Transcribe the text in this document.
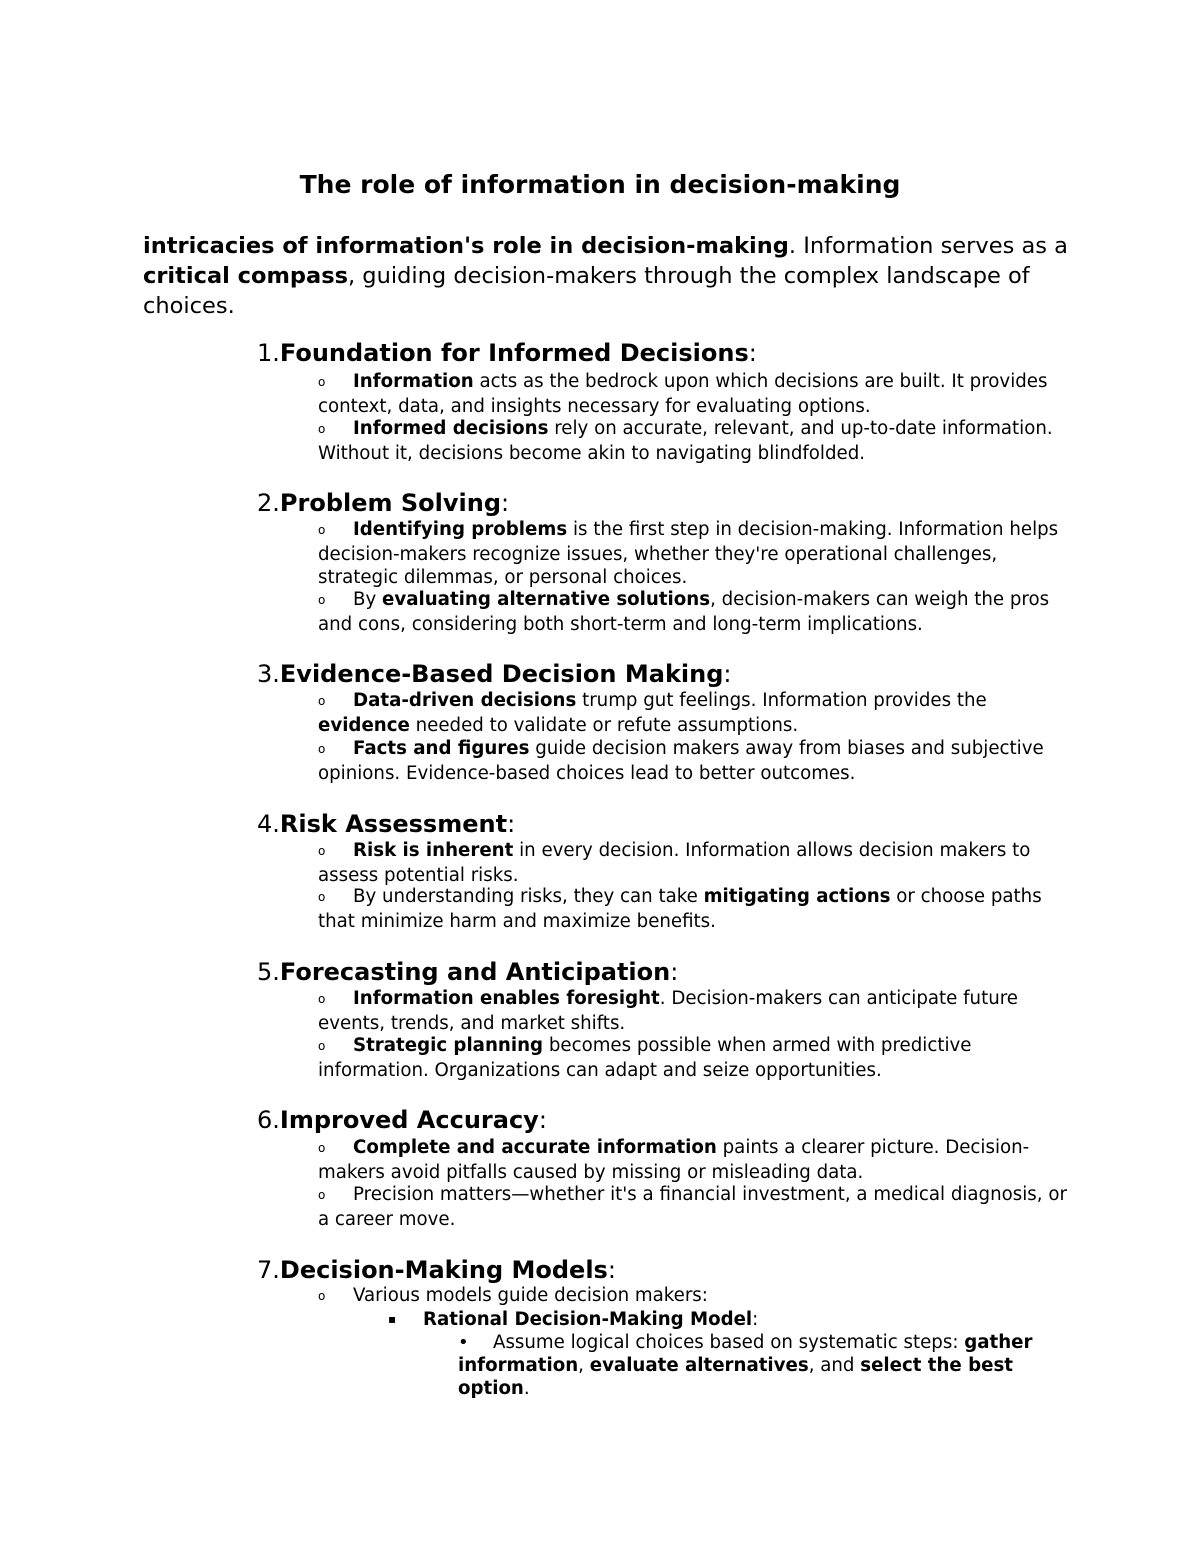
The role of information in decision-making
intricacies of information's role in decision-making. Information serves as a critical compass, guiding decision-makers through the complex landscape of choices.
1.Foundation for Informed Decisions:
o Information acts as the bedrock upon which decisions are built. It provides context, data, and insights necessary for evaluating options.
o Informed decisions rely on accurate, relevant, and up-to-date information. Without it, decisions become akin to navigating blindfolded.
2.Problem Solving:
o Identifying problems is the first step in decision-making. Information helps decision-makers recognize issues, whether they're operational challenges, strategic dilemmas, or personal choices.
o By evaluating alternative solutions, decision-makers can weigh the pros and cons, considering both short-term and long-term implications.
3.Evidence-Based Decision Making:
o Data-driven decisions trump gut feelings. Information provides the evidence needed to validate or refute assumptions.
o Facts and figures guide decision makers away from biases and subjective opinions. Evidence-based choices lead to better outcomes.
4.Risk Assessment:
o Risk is inherent in every decision. Information allows decision makers to assess potential risks.
o By understanding risks, they can take mitigating actions or choose paths that minimize harm and maximize benefits.
5.Forecasting and Anticipation:
o Information enables foresight. Decision-makers can anticipate future events, trends, and market shifts.
o Strategic planning becomes possible when armed with predictive information. Organizations can adapt and seize opportunities.
6.Improved Accuracy:
o Complete and accurate information paints a clearer picture. Decision-makers avoid pitfalls caused by missing or misleading data.
o Precision matters—whether it's a financial investment, a medical diagnosis, or a career move.
7.Decision-Making Models:
o Various models guide decision makers:
▪ Rational Decision-Making Model:
• Assume logical choices based on systematic steps: gather information, evaluate alternatives, and select the best option.
